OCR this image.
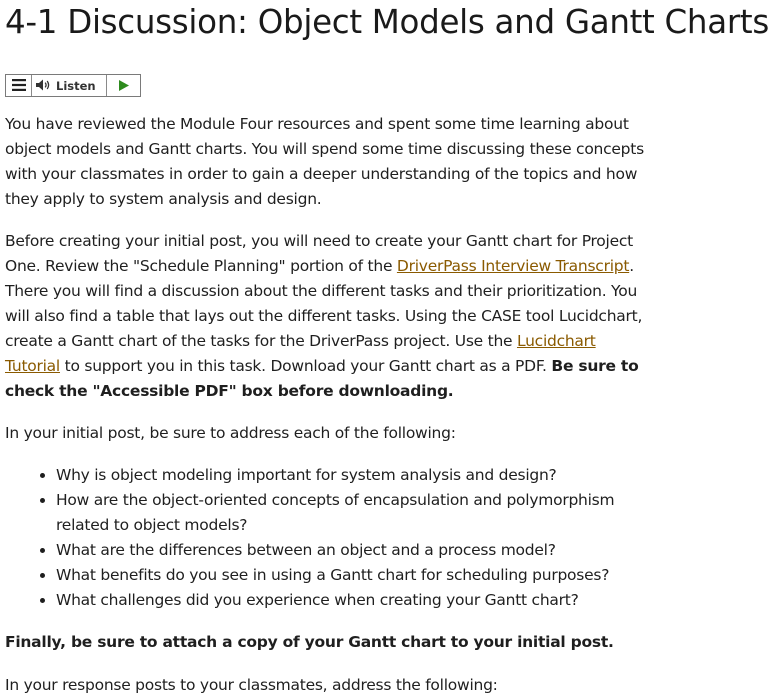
4-1 Discussion: Object Models and Gantt Charts
Listen

You have reviewed the Module Four resources and spent some time learning about object models and Gantt charts. You will spend some time discussing these concepts with your classmates in order to gain a deeper understanding of the topics and how they apply to system analysis and design.

Before creating your initial post, you will need to create your Gantt chart for Project One. Review the "Schedule Planning" portion of the DriverPass Interview Transcript. There you will find a discussion about the different tasks and their prioritization. You will also find a table that lays out the different tasks. Using the CASE tool Lucidchart, create a Gantt chart of the tasks for the DriverPass project. Use the Lucidchart Tutorial to support you in this task. Download your Gantt chart as a PDF. Be sure to check the "Accessible PDF" box before downloading.

In your initial post, be sure to address each of the following:

• Why is object modeling important for system analysis and design?
• How are the object-oriented concepts of encapsulation and polymorphism related to object models?
• What are the differences between an object and a process model?
• What benefits do you see in using a Gantt chart for scheduling purposes?
• What challenges did you experience when creating your Gantt chart?

Finally, be sure to attach a copy of your Gantt chart to your initial post.

In your response posts to your classmates, address the following:
